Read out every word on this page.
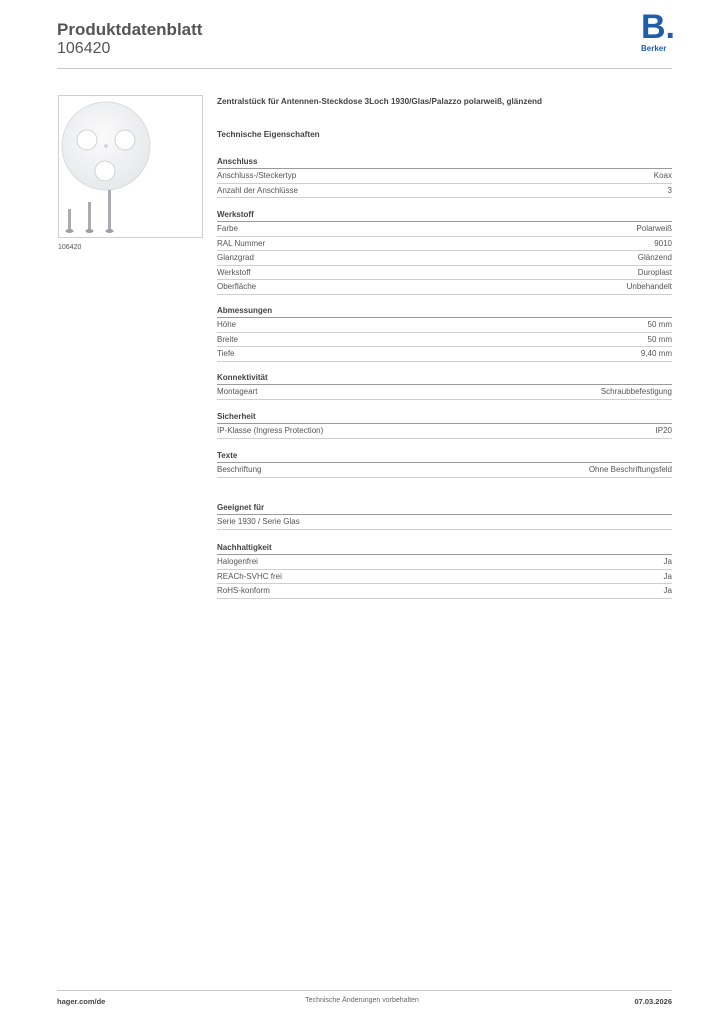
Produktdatenblatt
106420
B.
Berker
106420
Zentralstück für Antennen-Steckdose 3Loch 1930/Glas/Palazzo polarweiß, glänzend
Technische Eigenschaften
Anschluss
Anschluss-/Steckertyp	Koax
Anzahl der Anschlüsse	3
Werkstoff
Farbe	Polarweiß
RAL Nummer	9010
Glanzgrad	Glänzend
Werkstoff	Duroplast
Oberfläche	Unbehandelt
Abmessungen
Höhe	50 mm
Breite	50 mm
Tiefe	9,40 mm
Konnektivität
Montageart	Schraubbefestigung
Sicherheit
IP-Klasse (Ingress Protection)	IP20
Texte
Beschriftung	Ohne Beschriftungsfeld
Geeignet für
Serie 1930 / Serie Glas
Nachhaltigkeit
Halogenfrei	Ja
REACh-SVHC frei	Ja
RoHS-konform	Ja
hager.com/de	Technische Änderungen vorbehalten	07.03.2026
